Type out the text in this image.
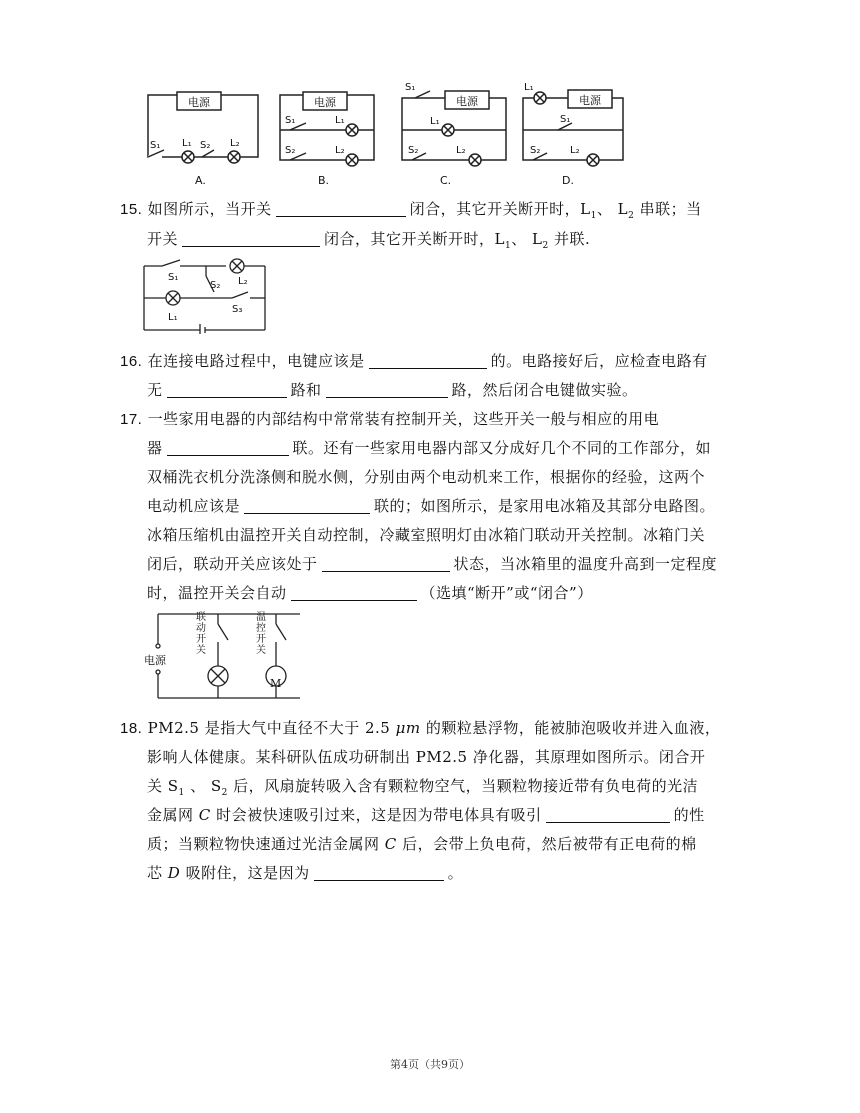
电源
S₁ L₁ S₂ L₂
A.
电源
S₁	L₁
S₂	L₂
B.
电源
S₁
L₁
S₂	L₂
C.
电源
L₁
S₁
S₂	L₂
D.
15. 如图所示，当开关	闭合，其它开关断开时，$L_1$、 $L_2$ 串联；当
开关	闭合，其它开关断开时，$L_1$、 $L_2$ 并联.
S₁
S₂ L₂
L₁
S₃
16. 在连接电路过程中，电键应该是	的。电路接好后，应检查电路有
无	路和	路，然后闭合电键做实验。
17. 一些家用电器的内部结构中常常装有控制开关，这些开关一般与相应的用电
器	联。还有一些家用电器内部又分成好几个不同的工作部分，如
双桶洗衣机分洗涤侧和脱水侧，分别由两个电动机来工作，根据你的经验，这两个
电动机应该是	联的；如图所示，是家用电冰箱及其部分电路图。
冰箱压缩机由温控开关自动控制，冷藏室照明灯由冰箱门联动开关控制。冰箱门关
闭后，联动开关应该处于	状态，当冰箱里的温度升高到一定程度
时，温控开关会自动	（选填“断开”或“闭合”）
电源
联动开关
温控开关
M
18. PM2.5 是指大气中直径不大于 2.5 μm 的颗粒悬浮物，能被肺泡吸收并进入血液，
影响人体健康。某科研队伍成功研制出 PM2.5 净化器，其原理如图所示。闭合开
关 $S_1$ 、 $S_2$ 后，风扇旋转吸入含有颗粒物空气，当颗粒物接近带有负电荷的光洁
金属网 C 时会被快速吸引过来，这是因为带电体具有吸引	的性
质；当颗粒物快速通过光洁金属网 C 后，会带上负电荷，然后被带有正电荷的棉
芯 D 吸附住，这是因为	。
第4页（共9页）
